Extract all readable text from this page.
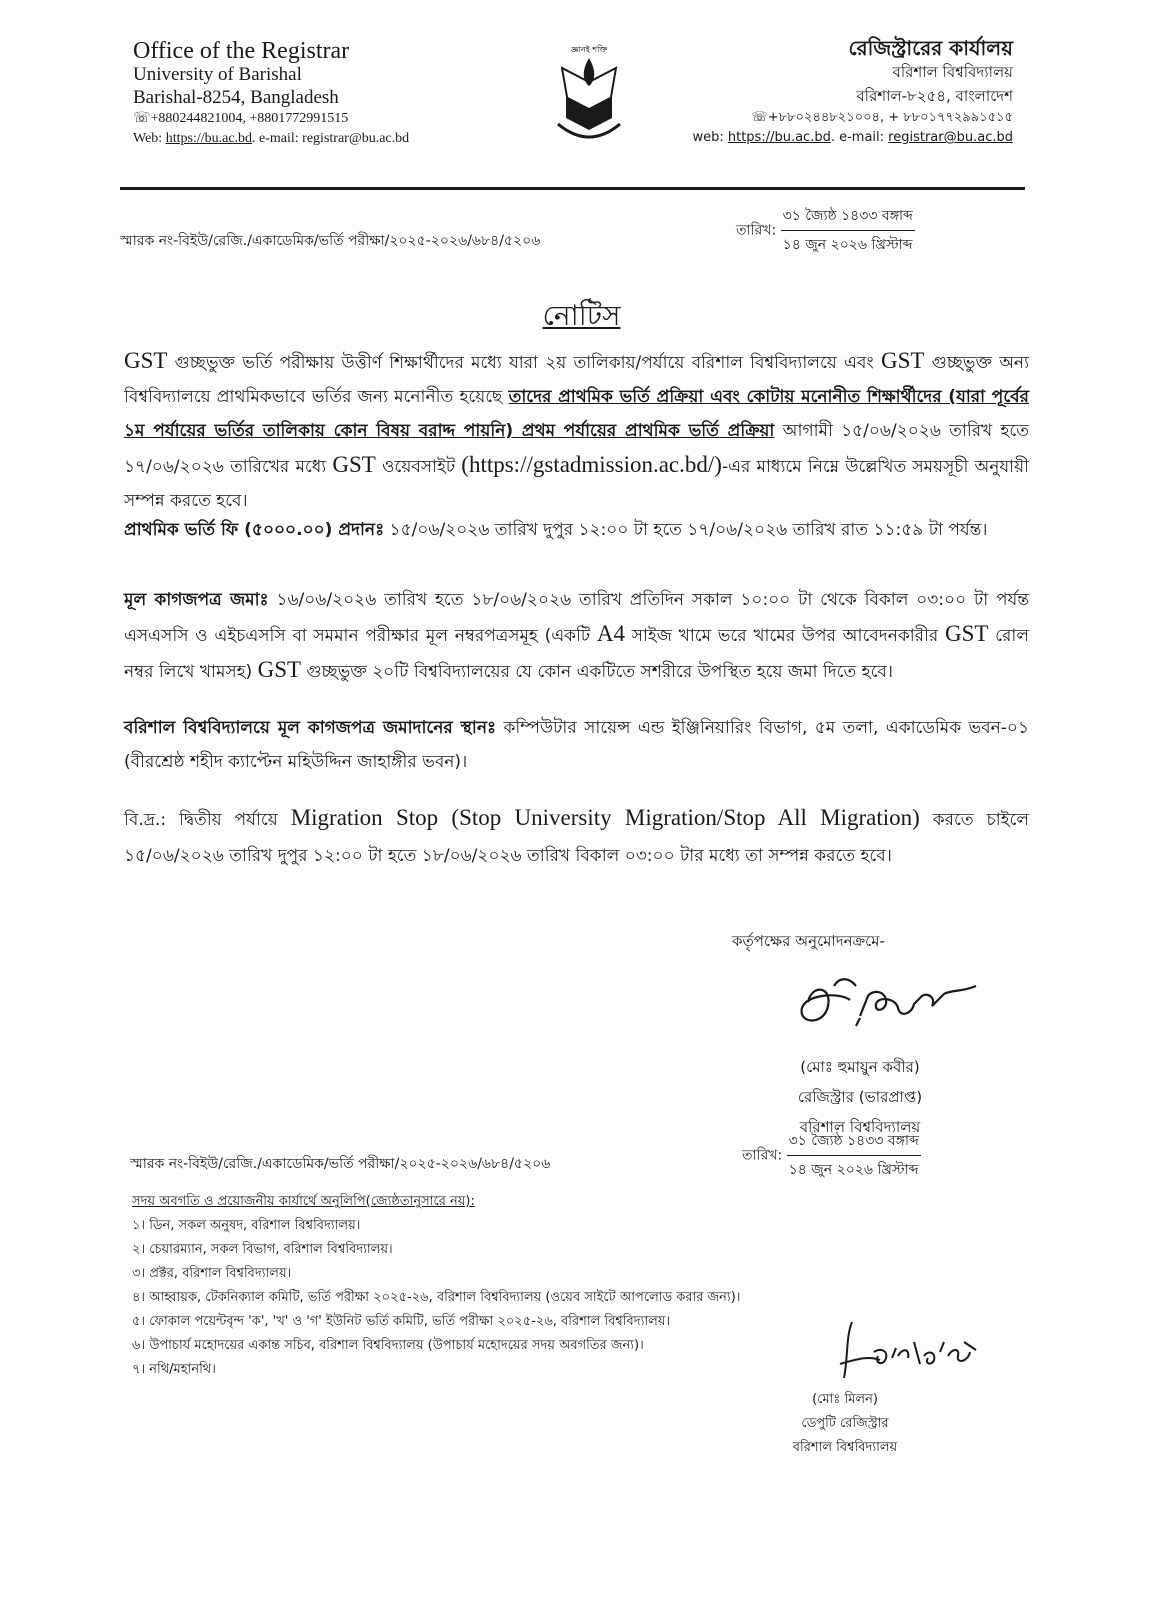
Office of the Registrar
University of Barishal
Barishal-8254, Bangladesh
☏+880244821004, +8801772991515
Web: https://bu.ac.bd. e-mail: registrar@bu.ac.bd
জ্ঞানই শক্তি	রেজিস্ট্রারের কার্যালয়
বরিশাল বিশ্ববিদ্যালয়
বরিশাল-৮২৫৪, বাংলাদেশ
☏+৮৮০২৪৪৮২১০০৪, + ৮৮০১৭৭২৯৯১৫১৫
web: https://bu.ac.bd. e-mail: registrar@bu.ac.bd
স্মারক নং-বিইউ/রেজি./একাডেমিক/ভর্তি পরীক্ষা/২০২৫-২০২৬/৬৮৪/৫২০৬
তারিখ: $\frac{\text{৩১ জ্যৈষ্ঠ ১৪৩৩ বঙ্গাব্দ}}{\text{১৪ জুন ২০২৬ খ্রিস্টাব্দ}}$
নোটিস
GST গুচ্ছভুক্ত ভর্তি পরীক্ষায় উত্তীর্ণ শিক্ষার্থীদের মধ্যে যারা ২য় তালিকায়/পর্যায়ে বরিশাল বিশ্ববিদ্যালয়ে এবং GST গুচ্ছভুক্ত অন্য বিশ্ববিদ্যালয়ে প্রাথমিকভাবে ভর্তির জন্য মনোনীত হয়েছে তাদের প্রাথমিক ভর্তি প্রক্রিয়া এবং কোটায় মনোনীত শিক্ষার্থীদের (যারা পূর্বের ১ম পর্যায়ের ভর্তির তালিকায় কোন বিষয় বরাদ্দ পায়নি) প্রথম পর্যায়ের প্রাথমিক ভর্তি প্রক্রিয়া আগামী ১৫/০৬/২০২৬ তারিখ হতে ১৭/০৬/২০২৬ তারিখের মধ্যে GST ওয়েবসাইট (https://gstadmission.ac.bd/)-এর মাধ্যমে নিম্নে উল্লেখিত সময়সূচী অনুযায়ী সম্পন্ন করতে হবে।
প্রাথমিক ভর্তি ফি (৫০০০.০০) প্রদানঃ ১৫/০৬/২০২৬ তারিখ দুপুর ১২:০০ টা হতে ১৭/০৬/২০২৬ তারিখ রাত ১১:৫৯ টা পর্যন্ত।
মূল কাগজপত্র জমাঃ ১৬/০৬/২০২৬ তারিখ হতে ১৮/০৬/২০২৬ তারিখ প্রতিদিন সকাল ১০:০০ টা থেকে বিকাল ০৩:০০ টা পর্যন্ত এসএসসি ও এইচএসসি বা সমমান পরীক্ষার মূল নম্বরপত্রসমূহ (একটি A4 সাইজ খামে ভরে খামের উপর আবেদনকারীর GST রোল নম্বর লিখে খামসহ) GST গুচ্ছভুক্ত ২০টি বিশ্ববিদ্যালয়ের যে কোন একটিতে সশরীরে উপস্থিত হয়ে জমা দিতে হবে।
বরিশাল বিশ্ববিদ্যালয়ে মূল কাগজপত্র জমাদানের স্থানঃ কম্পিউটার সায়েন্স এন্ড ইঞ্জিনিয়ারিং বিভাগ, ৫ম তলা, একাডেমিক ভবন-০১ (বীরশ্রেষ্ঠ শহীদ ক্যাপ্টেন মহিউদ্দিন জাহাঙ্গীর ভবন)।
বি.দ্র.: দ্বিতীয় পর্যায়ে Migration Stop (Stop University Migration/Stop All Migration) করতে চাইলে ১৫/০৬/২০২৬ তারিখ দুপুর ১২:০০ টা হতে ১৮/০৬/২০২৬ তারিখ বিকাল ০৩:০০ টার মধ্যে তা সম্পন্ন করতে হবে।
কর্তৃপক্ষের অনুমোদনক্রমে-
(মোঃ হুমায়ুন কবীর)
রেজিস্ট্রার (ভারপ্রাপ্ত)
বরিশাল বিশ্ববিদ্যালয়
স্মারক নং-বিইউ/রেজি./একাডেমিক/ভর্তি পরীক্ষা/২০২৫-২০২৬/৬৮৪/৫২০৬
তারিখ: $\frac{\text{৩১ জ্যৈষ্ঠ ১৪৩৩ বঙ্গাব্দ}}{\text{১৪ জুন ২০২৬ খ্রিস্টাব্দ}}$
সদয় অবগতি ও প্রয়োজনীয় কার্যার্থে অনুলিপি(জ্যেষ্ঠতানুসারে নয়):
১। ডিন, সকল অনুষদ, বরিশাল বিশ্ববিদ্যালয়।
২। চেয়ারম্যান, সকল বিভাগ, বরিশাল বিশ্ববিদ্যালয়।
৩। প্রক্টর, বরিশাল বিশ্ববিদ্যালয়।
৪। আহ্বায়ক, টেকনিক্যাল কমিটি, ভর্তি পরীক্ষা ২০২৫-২৬, বরিশাল বিশ্ববিদ্যালয় (ওয়েব সাইটে আপলোড করার জন্য)।
৫। ফোকাল পয়েন্টবৃন্দ 'ক', 'খ' ও 'গ' ইউনিট ভর্তি কমিটি, ভর্তি পরীক্ষা ২০২৫-২৬, বরিশাল বিশ্ববিদ্যালয়।
৬। উপাচার্য মহোদয়ের একান্ত সচিব, বরিশাল বিশ্ববিদ্যালয় (উপাচার্য মহোদয়ের সদয় অবগতির জন্য)।
৭। নথি/মহানথি।
(মোঃ মিলন)
ডেপুটি রেজিস্ট্রার
বরিশাল বিশ্ববিদ্যালয়
